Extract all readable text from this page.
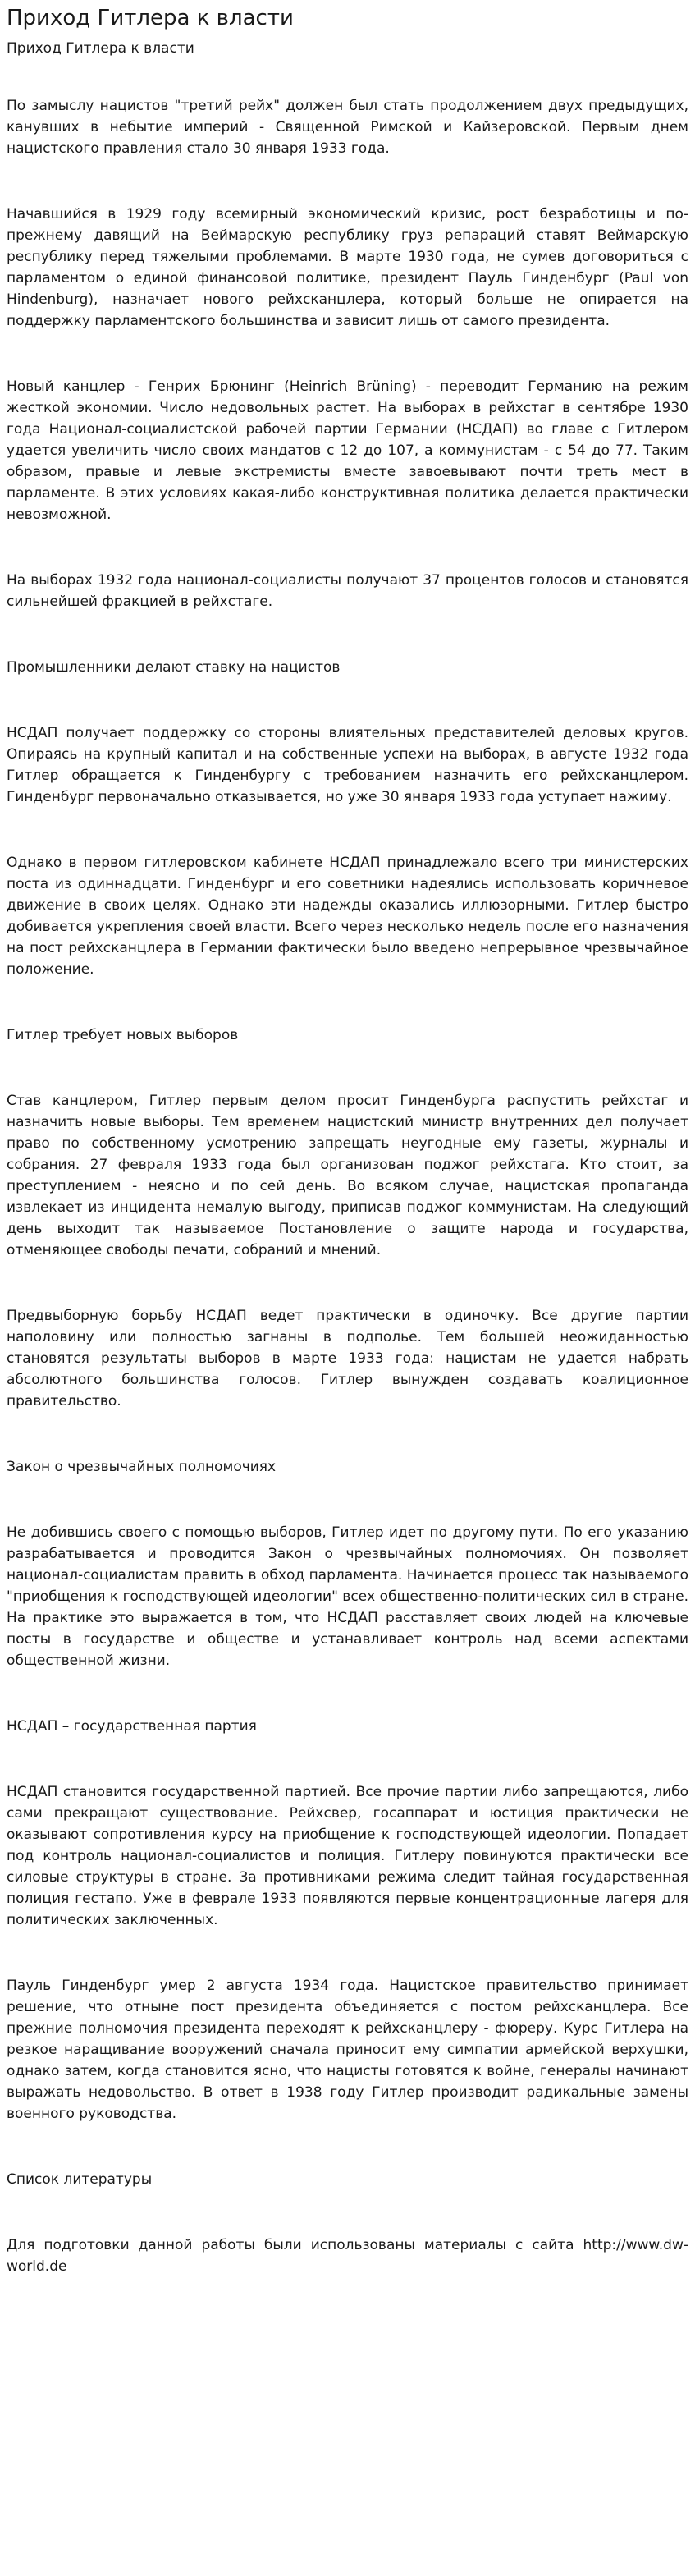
Приход Гитлера к власти
Приход Гитлера к власти
По замыслу нацистов "третий рейх" должен был стать продолжением двух предыдущих, канувших в небытие империй - Священной Римской и Кайзеровской. Первым днем нацистского правления стало 30 января 1933 года.
Начавшийся в 1929 году всемирный экономический кризис, рост безработицы и по-прежнему давящий на Веймарскую республику груз репараций ставят Веймарскую республику перед тяжелыми проблемами. В марте 1930 года, не сумев договориться с парламентом о единой финансовой политике, президент Пауль Гинденбург (Paul von Hindenburg), назначает нового рейхсканцлера, который больше не опирается на поддержку парламентского большинства и зависит лишь от самого президента.
Новый канцлер - Генрих Брюнинг (Heinrich Brüning) - переводит Германию на режим жесткой экономии. Число недовольных растет. На выборах в рейхстаг в сентябре 1930 года Национал-социалистской рабочей партии Германии (НСДАП) во главе с Гитлером удается увеличить число своих мандатов с 12 до 107, а коммунистам - с 54 до 77. Таким образом, правые и левые экстремисты вместе завоевывают почти треть мест в парламенте. В этих условиях какая-либо конструктивная политика делается практически невозможной.
На выборах 1932 года национал-социалисты получают 37 процентов голосов и становятся сильнейшей фракцией в рейхстаге.
Промышленники делают ставку на нацистов
НСДАП получает поддержку со стороны влиятельных представителей деловых кругов. Опираясь на крупный капитал и на собственные успехи на выборах, в августе 1932 года Гитлер обращается к Гинденбургу с требованием назначить его рейхсканцлером. Гинденбург первоначально отказывается, но уже 30 января 1933 года уступает нажиму.
Однако в первом гитлеровском кабинете НСДАП принадлежало всего три министерских поста из одиннадцати. Гинденбург и его советники надеялись использовать коричневое движение в своих целях. Однако эти надежды оказались иллюзорными. Гитлер быстро добивается укрепления своей власти. Всего через несколько недель после его назначения на пост рейхсканцлера в Германии фактически было введено непрерывное чрезвычайное положение.
Гитлер требует новых выборов
Став канцлером, Гитлер первым делом просит Гинденбурга распустить рейхстаг и назначить новые выборы. Тем временем нацистский министр внутренних дел получает право по собственному усмотрению запрещать неугодные ему газеты, журналы и собрания. 27 февраля 1933 года был организован поджог рейхстага. Кто стоит, за преступлением - неясно и по сей день. Во всяком случае, нацистская пропаганда извлекает из инцидента немалую выгоду, приписав поджог коммунистам. На следующий день выходит так называемое Постановление о защите народа и государства, отменяющее свободы печати, собраний и мнений.
Предвыборную борьбу НСДАП ведет практически в одиночку. Все другие партии наполовину или полностью загнаны в подполье. Тем большей неожиданностью становятся результаты выборов в марте 1933 года: нацистам не удается набрать абсолютного большинства голосов. Гитлер вынужден создавать коалиционное правительство.
Закон о чрезвычайных полномочиях
Не добившись своего с помощью выборов, Гитлер идет по другому пути. По его указанию разрабатывается и проводится Закон о чрезвычайных полномочиях. Он позволяет национал-социалистам править в обход парламента. Начинается процесс так называемого "приобщения к господствующей идеологии" всех общественно-политических сил в стране. На практике это выражается в том, что НСДАП расставляет своих людей на ключевые посты в государстве и обществе и устанавливает контроль над всеми аспектами общественной жизни.
НСДАП – государственная партия
НСДАП становится государственной партией. Все прочие партии либо запрещаются, либо сами прекращают существование. Рейхсвер, госаппарат и юстиция практически не оказывают сопротивления курсу на приобщение к господствующей идеологии. Попадает под контроль национал-социалистов и полиция. Гитлеру повинуются практически все силовые структуры в стране. За противниками режима следит тайная государственная полиция гестапо. Уже в феврале 1933 появляются первые концентрационные лагеря для политических заключенных.
Пауль Гинденбург умер 2 августа 1934 года. Нацистское правительство принимает решение, что отныне пост президента объединяется с постом рейхсканцлера. Все прежние полномочия президента переходят к рейхсканцлеру - фюреру. Курс Гитлера на резкое наращивание вооружений сначала приносит ему симпатии армейской верхушки, однако затем, когда становится ясно, что нацисты готовятся к войне, генералы начинают выражать недовольство. В ответ в 1938 году Гитлер производит радикальные замены военного руководства.
Список литературы
Для подготовки данной работы были использованы материалы с сайта http://www.dw-world.de
